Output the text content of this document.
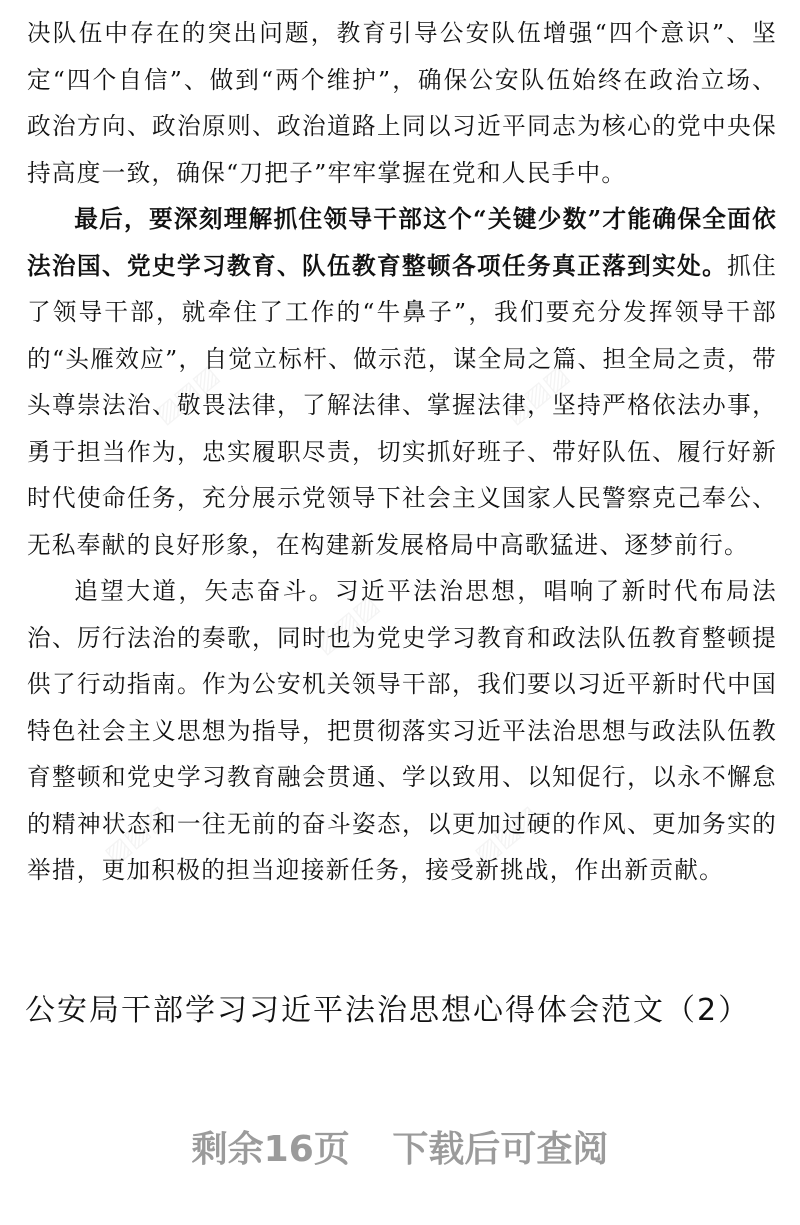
决队伍中存在的突出问题，教育引导公安队伍增强“四个意识”、坚定“四个自信”、做到“两个维护”，确保公安队伍始终在政治立场、政治方向、政治原则、政治道路上同以习近平同志为核心的党中央保持高度一致，确保“刀把子”牢牢掌握在党和人民手中。

最后，要深刻理解抓住领导干部这个“关键少数”才能确保全面依法治国、党史学习教育、队伍教育整顿各项任务真正落到实处。抓住了领导干部，就牵住了工作的“牛鼻子”，我们要充分发挥领导干部的“头雁效应”，自觉立标杆、做示范，谋全局之篇、担全局之责，带头尊崇法治、敬畏法律，了解法律、掌握法律，坚持严格依法办事，勇于担当作为，忠实履职尽责，切实抓好班子、带好队伍、履行好新时代使命任务，充分展示党领导下社会主义国家人民警察克己奉公、无私奉献的良好形象，在构建新发展格局中高歌猛进、逐梦前行。

追望大道，矢志奋斗。习近平法治思想，唱响了新时代布局法治、厉行法治的奏歌，同时也为党史学习教育和政法队伍教育整顿提供了行动指南。作为公安机关领导干部，我们要以习近平新时代中国特色社会主义思想为指导，把贯彻落实习近平法治思想与政法队伍教育整顿和党史学习教育融会贯通、学以致用、以知促行，以永不懈怠的精神状态和一往无前的奋斗姿态，以更加过硬的作风、更加务实的举措，更加积极的担当迎接新任务，接受新挑战，作出新贡献。

公安局干部学习习近平法治思想心得体会范文（2）
剩余16页 下载后可查阅
